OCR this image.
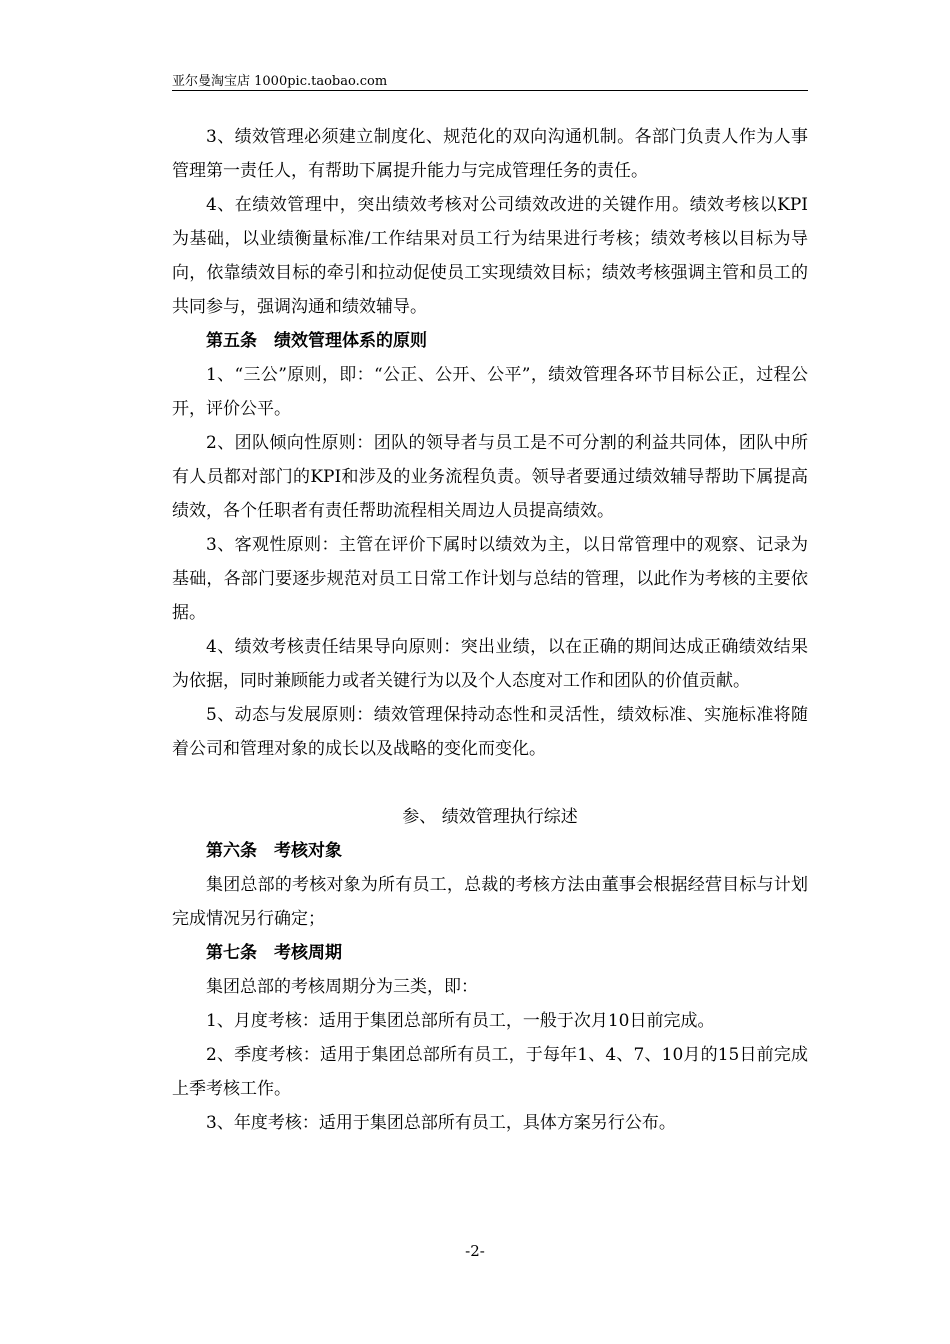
亚尔曼淘宝店 1000pic.taobao.com

3、绩效管理必须建立制度化、规范化的双向沟通机制。各部门负责人作为人事管理第一责任人，有帮助下属提升能力与完成管理任务的责任。

4、在绩效管理中，突出绩效考核对公司绩效改进的关键作用。绩效考核以KPI为基础，以业绩衡量标准/工作结果对员工行为结果进行考核；绩效考核以目标为导向，依靠绩效目标的牵引和拉动促使员工实现绩效目标；绩效考核强调主管和员工的共同参与，强调沟通和绩效辅导。

第五条　绩效管理体系的原则

1、“三公”原则，即：“公正、公开、公平”，绩效管理各环节目标公正，过程公开，评价公平。

2、团队倾向性原则：团队的领导者与员工是不可分割的利益共同体，团队中所有人员都对部门的KPI和涉及的业务流程负责。领导者要通过绩效辅导帮助下属提高绩效，各个任职者有责任帮助流程相关周边人员提高绩效。

3、客观性原则：主管在评价下属时以绩效为主，以日常管理中的观察、记录为基础，各部门要逐步规范对员工日常工作计划与总结的管理，以此作为考核的主要依据。

4、绩效考核责任结果导向原则：突出业绩，以在正确的期间达成正确绩效结果为依据，同时兼顾能力或者关键行为以及个人态度对工作和团队的价值贡献。

5、动态与发展原则：绩效管理保持动态性和灵活性，绩效标准、实施标准将随着公司和管理对象的成长以及战略的变化而变化。

参、 绩效管理执行综述

第六条　考核对象

集团总部的考核对象为所有员工，总裁的考核方法由董事会根据经营目标与计划完成情况另行确定；

第七条　考核周期

集团总部的考核周期分为三类，即：

1、月度考核：适用于集团总部所有员工，一般于次月10日前完成。

2、季度考核：适用于集团总部所有员工，于每年1、4、7、10月的15日前完成上季考核工作。

3、年度考核：适用于集团总部所有员工，具体方案另行公布。

-2-
